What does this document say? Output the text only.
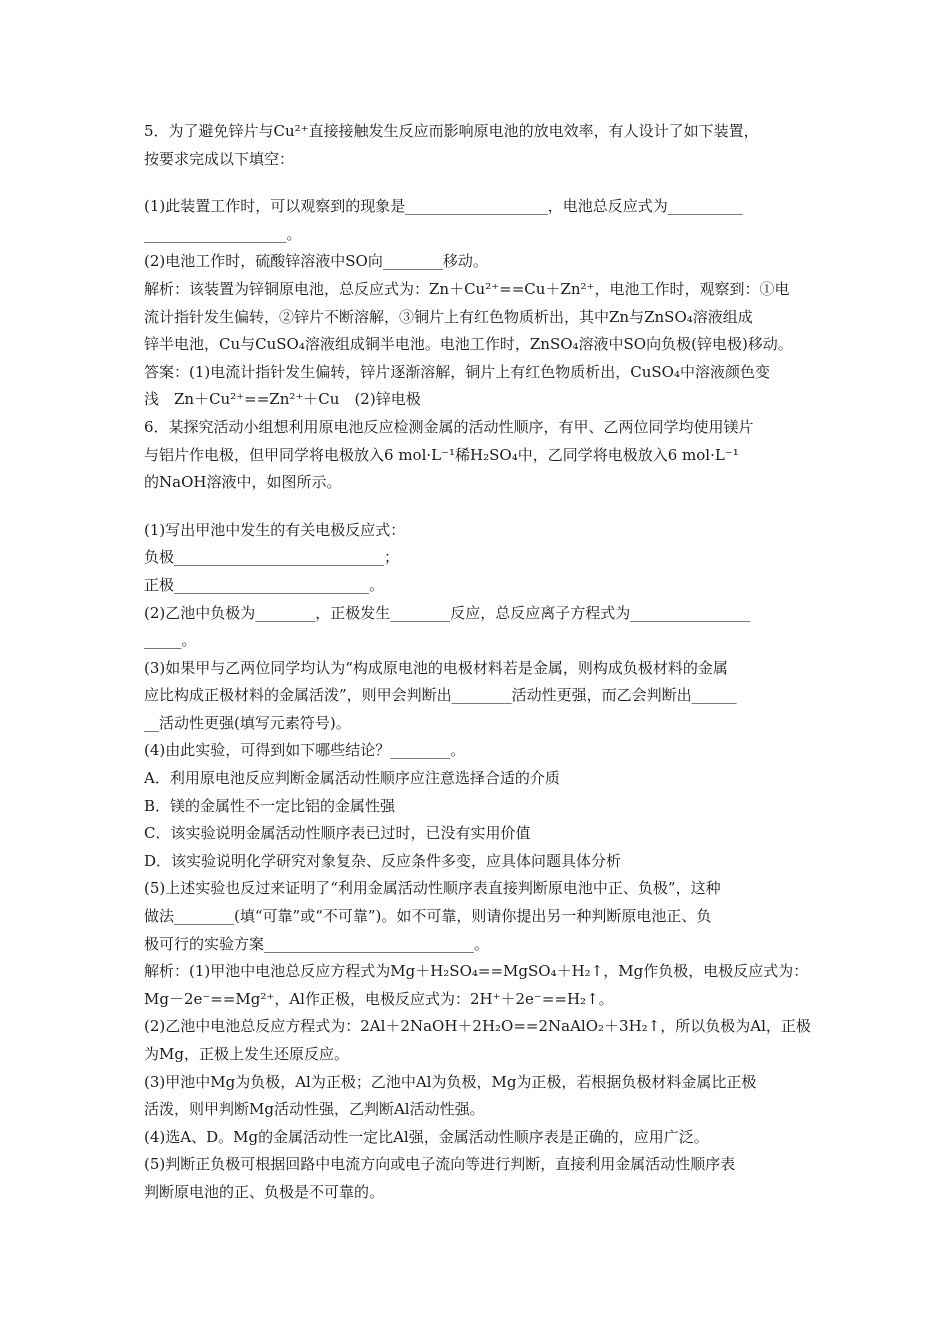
5．为了避免锌片与Cu²⁺直接接触发生反应而影响原电池的放电效率，有人设计了如下装置，
按要求完成以下填空：
(1)此装置工作时，可以观察到的现象是___________________，电池总反应式为__________
___________________。
(2)电池工作时，硫酸锌溶液中SO向________移动。
解析：该装置为锌铜原电池，总反应式为：Zn＋Cu²⁺==Cu＋Zn²⁺，电池工作时，观察到：①电
流计指针发生偏转，②锌片不断溶解，③铜片上有红色物质析出，其中Zn与ZnSO₄溶液组成
锌半电池，Cu与CuSO₄溶液组成铜半电池。电池工作时，ZnSO₄溶液中SO向负极(锌电极)移动。
答案：(1)电流计指针发生偏转，锌片逐渐溶解，铜片上有红色物质析出，CuSO₄中溶液颜色变
浅　Zn＋Cu²⁺==Zn²⁺＋Cu　(2)锌电极
6．某探究活动小组想利用原电池反应检测金属的活动性顺序，有甲、乙两位同学均使用镁片
与铝片作电极，但甲同学将电极放入6 mol·L⁻¹稀H₂SO₄中，乙同学将电极放入6 mol·L⁻¹
的NaOH溶液中，如图所示。
(1)写出甲池中发生的有关电极反应式：
负极____________________________；
正极__________________________。
(2)乙池中负极为________，正极发生________反应，总反应离子方程式为________________
_____。
(3)如果甲与乙两位同学均认为“构成原电池的电极材料若是金属，则构成负极材料的金属
应比构成正极材料的金属活泼”，则甲会判断出________活动性更强，而乙会判断出______
__活动性更强(填写元素符号)。
(4)由此实验，可得到如下哪些结论？________。
A．利用原电池反应判断金属活动性顺序应注意选择合适的介质
B．镁的金属性不一定比铝的金属性强
C．该实验说明金属活动性顺序表已过时，已没有实用价值
D．该实验说明化学研究对象复杂、反应条件多变，应具体问题具体分析
(5)上述实验也反过来证明了“利用金属活动性顺序表直接判断原电池中正、负极”，这种
做法________(填“可靠”或“不可靠”)。如不可靠，则请你提出另一种判断原电池正、负
极可行的实验方案____________________________。
解析：(1)甲池中电池总反应方程式为Mg＋H₂SO₄==MgSO₄＋H₂↑，Mg作负极，电极反应式为：
Mg－2e⁻==Mg²⁺，Al作正极，电极反应式为：2H⁺＋2e⁻==H₂↑。
(2)乙池中电池总反应方程式为：2Al＋2NaOH＋2H₂O==2NaAlO₂＋3H₂↑，所以负极为Al，正极
为Mg，正极上发生还原反应。
(3)甲池中Mg为负极，Al为正极；乙池中Al为负极，Mg为正极，若根据负极材料金属比正极
活泼，则甲判断Mg活动性强，乙判断Al活动性强。
(4)选A、D。Mg的金属活动性一定比Al强，金属活动性顺序表是正确的，应用广泛。
(5)判断正负极可根据回路中电流方向或电子流向等进行判断，直接利用金属活动性顺序表
判断原电池的正、负极是不可靠的。
